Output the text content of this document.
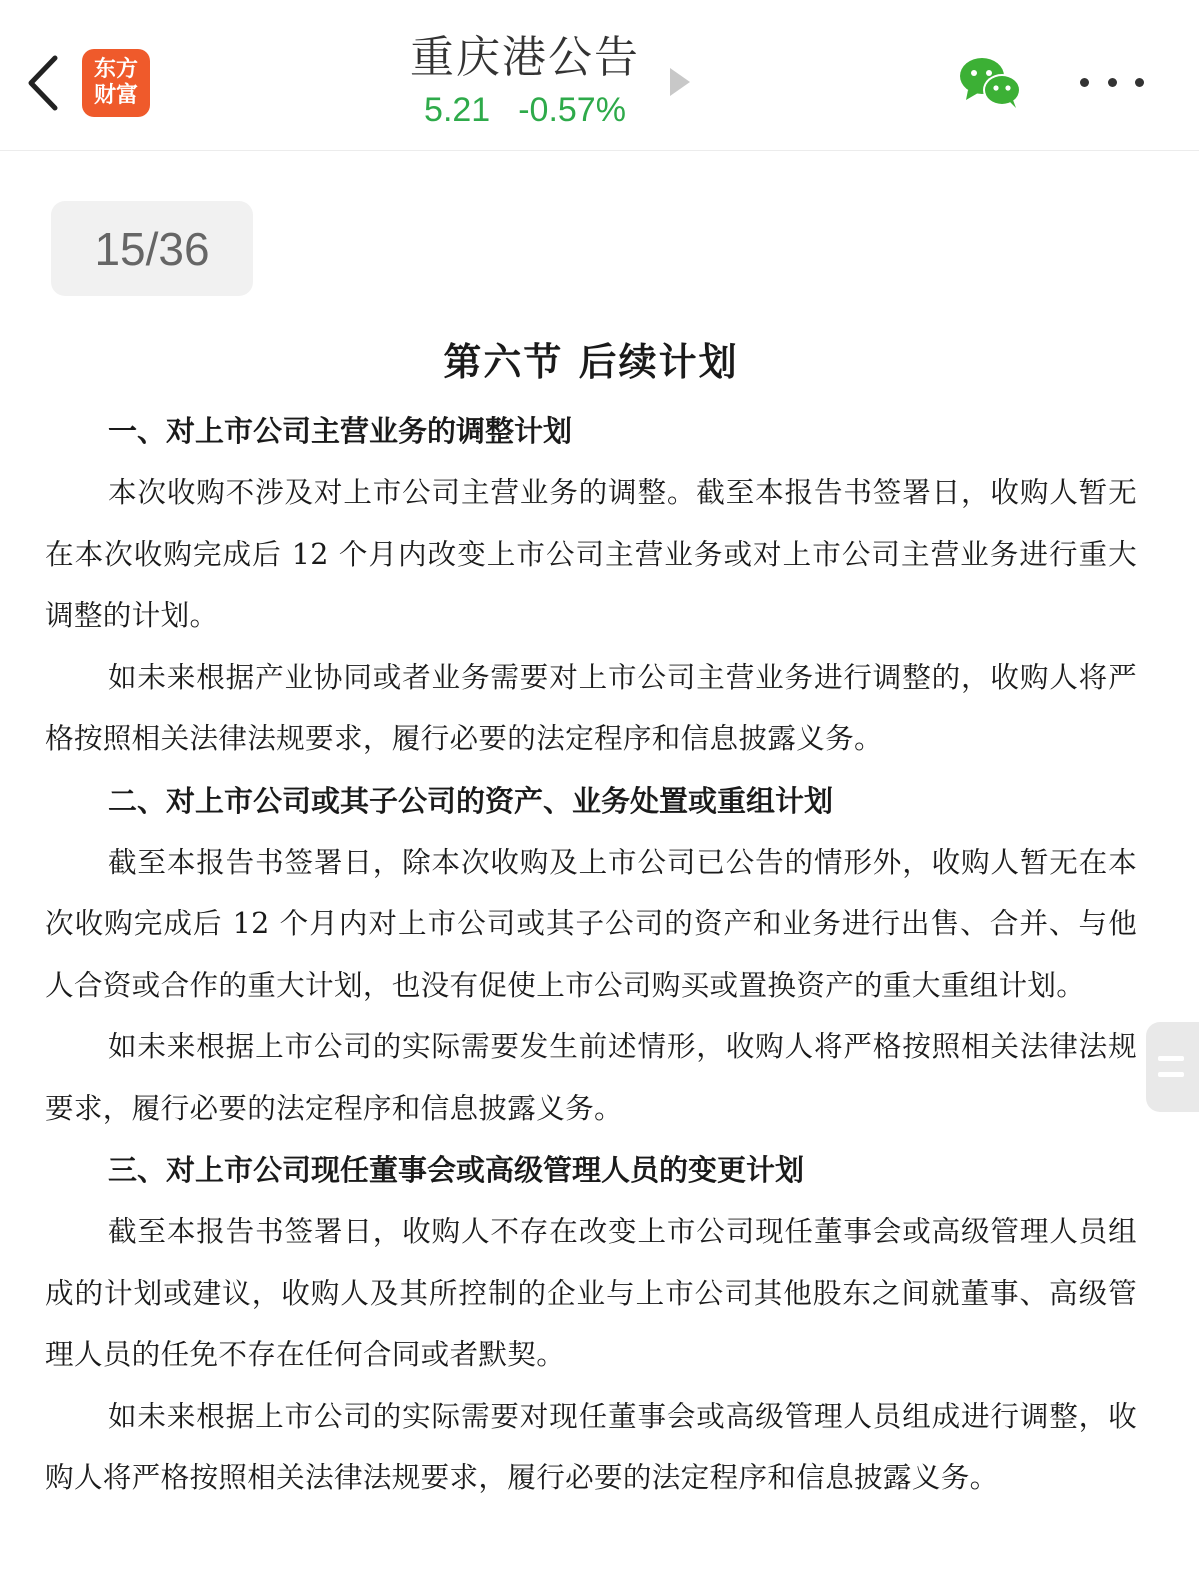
东方
财富
重庆港公告
5.21 -0.57%
15/36
第六节 后续计划
一、对上市公司主营业务的调整计划

本次收购不涉及对上市公司主营业务的调整。截至本报告书签署日，收购人暂无在本次收购完成后 12 个月内改变上市公司主营业务或对上市公司主营业务进行重大调整的计划。

如未来根据产业协同或者业务需要对上市公司主营业务进行调整的，收购人将严格按照相关法律法规要求，履行必要的法定程序和信息披露义务。

二、对上市公司或其子公司的资产、业务处置或重组计划

截至本报告书签署日，除本次收购及上市公司已公告的情形外，收购人暂无在本次收购完成后 12 个月内对上市公司或其子公司的资产和业务进行出售、合并、与他人合资或合作的重大计划，也没有促使上市公司购买或置换资产的重大重组计划。

如未来根据上市公司的实际需要发生前述情形，收购人将严格按照相关法律法规要求，履行必要的法定程序和信息披露义务。

三、对上市公司现任董事会或高级管理人员的变更计划

截至本报告书签署日，收购人不存在改变上市公司现任董事会或高级管理人员组成的计划或建议，收购人及其所控制的企业与上市公司其他股东之间就董事、高级管理人员的任免不存在任何合同或者默契。

如未来根据上市公司的实际需要对现任董事会或高级管理人员组成进行调整，收购人将严格按照相关法律法规要求，履行必要的法定程序和信息披露义务。
